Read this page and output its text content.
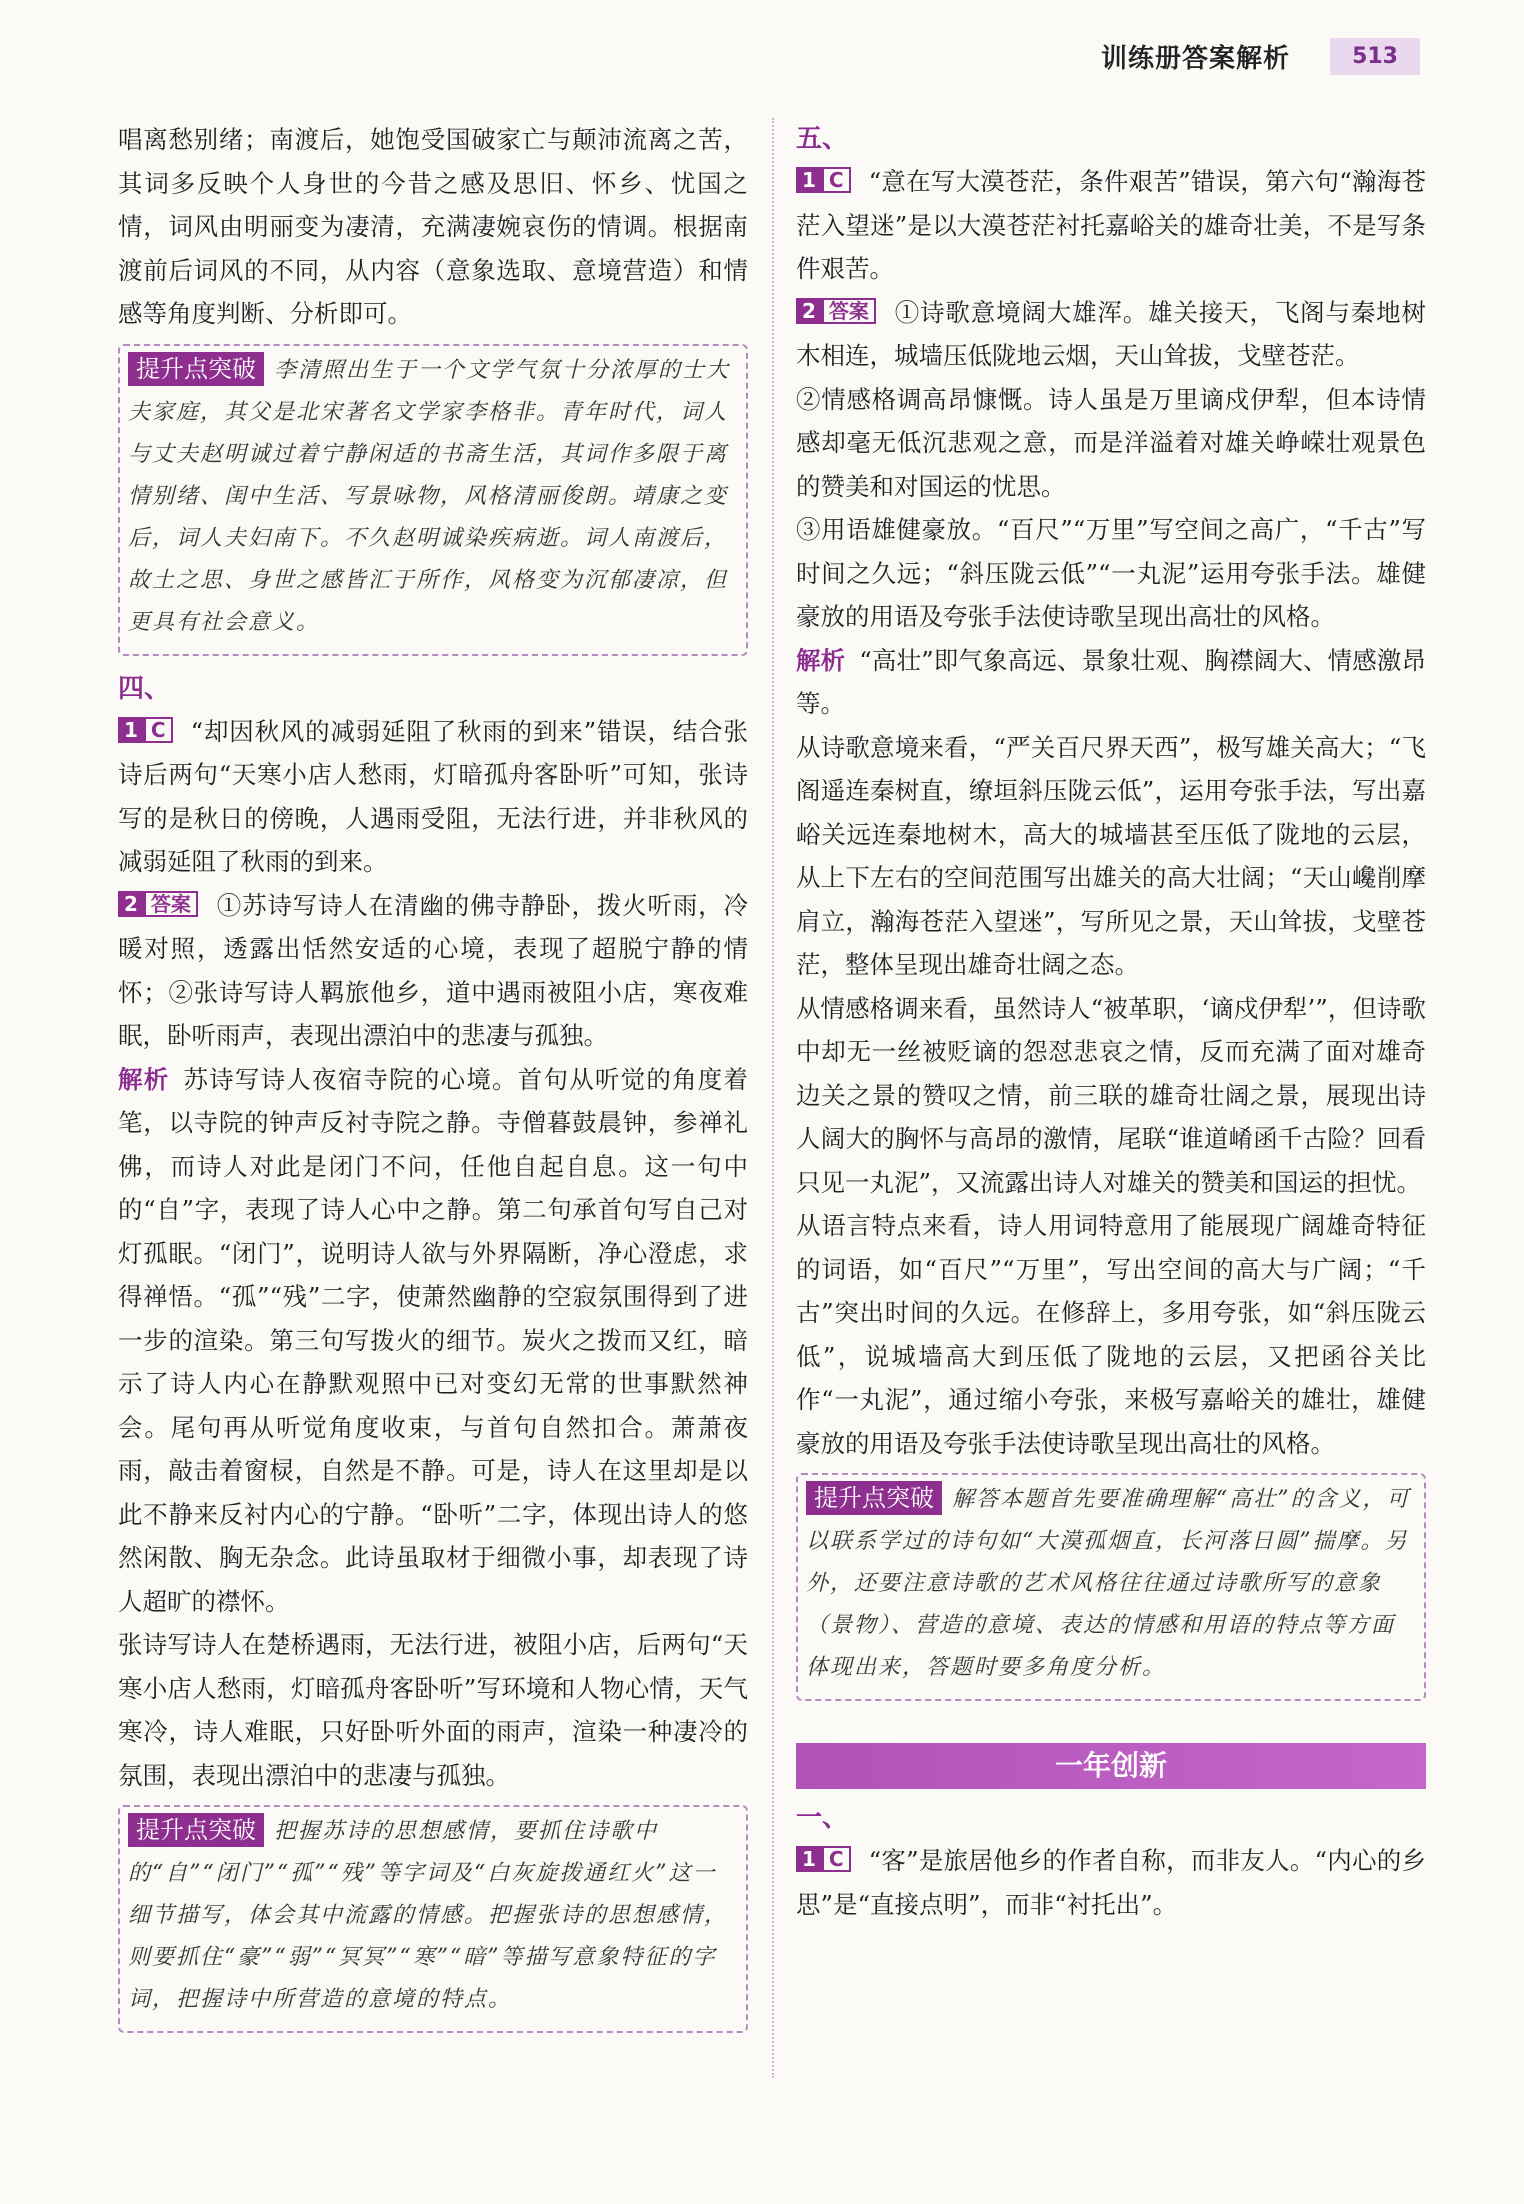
训练册答案解析	513

唱离愁别绪；南渡后，她饱受国破家亡与颠沛流离之苦，其词多反映个人身世的今昔之感及思旧、怀乡、忧国之情，词风由明丽变为凄清，充满凄婉哀伤的情调。根据南渡前后词风的不同，从内容（意象选取、意境营造）和情感等角度判断、分析即可。

提升点突破 李清照出生于一个文学气氛十分浓厚的士大夫家庭，其父是北宋著名文学家李格非。青年时代，词人与丈夫赵明诚过着宁静闲适的书斋生活，其词作多限于离情别绪、闺中生活、写景咏物，风格清丽俊朗。靖康之变后，词人夫妇南下。不久赵明诚染疾病逝。词人南渡后，故土之思、身世之感皆汇于所作，风格变为沉郁凄凉，但更具有社会意义。
四、

1 C “却因秋风的减弱延阻了秋雨的到来”错误，结合张诗后两句“天寒小店人愁雨，灯暗孤舟客卧听”可知，张诗写的是秋日的傍晚，人遇雨受阻，无法行进，并非秋风的减弱延阻了秋雨的到来。

2 答案 ①苏诗写诗人在清幽的佛寺静卧，拨火听雨，冷暖对照，透露出恬然安适的心境，表现了超脱宁静的情怀；②张诗写诗人羁旅他乡，道中遇雨被阻小店，寒夜难眠，卧听雨声，表现出漂泊中的悲凄与孤独。

解析 苏诗写诗人夜宿寺院的心境。首句从听觉的角度着笔，以寺院的钟声反衬寺院之静。寺僧暮鼓晨钟，参禅礼佛，而诗人对此是闭门不问，任他自起自息。这一句中的“自”字，表现了诗人心中之静。第二句承首句写自己对灯孤眠。“闭门”，说明诗人欲与外界隔断，净心澄虑，求得禅悟。“孤”“残”二字，使萧然幽静的空寂氛围得到了进一步的渲染。第三句写拨火的细节。炭火之拨而又红，暗示了诗人内心在静默观照中已对变幻无常的世事默然神会。尾句再从听觉角度收束，与首句自然扣合。萧萧夜雨，敲击着窗棂，自然是不静。可是，诗人在这里却是以此不静来反衬内心的宁静。“卧听”二字，体现出诗人的悠然闲散、胸无杂念。此诗虽取材于细微小事，却表现了诗人超旷的襟怀。

张诗写诗人在楚桥遇雨，无法行进，被阻小店，后两句“天寒小店人愁雨，灯暗孤舟客卧听”写环境和人物心情，天气寒冷，诗人难眠，只好卧听外面的雨声，渲染一种凄冷的氛围，表现出漂泊中的悲凄与孤独。

提升点突破 把握苏诗的思想感情，要抓住诗歌中的“自”“闭门”“孤”“残”等字词及“白灰旋拨通红火”这一细节描写，体会其中流露的情感。把握张诗的思想感情，则要抓住“豪”“弱”“冥冥”“寒”“暗”等描写意象特征的字词，把握诗中所营造的意境的特点。
五、

1 C “意在写大漠苍茫，条件艰苦”错误，第六句“瀚海苍茫入望迷”是以大漠苍茫衬托嘉峪关的雄奇壮美，不是写条件艰苦。

2 答案 ①诗歌意境阔大雄浑。雄关接天，飞阁与秦地树木相连，城墙压低陇地云烟，天山耸拔，戈壁苍茫。

②情感格调高昂慷慨。诗人虽是万里谪戍伊犁，但本诗情感却毫无低沉悲观之意，而是洋溢着对雄关峥嵘壮观景色的赞美和对国运的忧思。

③用语雄健豪放。“百尺”“万里”写空间之高广，“千古”写时间之久远；“斜压陇云低”“一丸泥”运用夸张手法。雄健豪放的用语及夸张手法使诗歌呈现出高壮的风格。

解析 “高壮”即气象高远、景象壮观、胸襟阔大、情感激昂等。

从诗歌意境来看，“严关百尺界天西”，极写雄关高大；“飞阁遥连秦树直，缭垣斜压陇云低”，运用夸张手法，写出嘉峪关远连秦地树木，高大的城墙甚至压低了陇地的云层，从上下左右的空间范围写出雄关的高大壮阔；“天山巉削摩肩立，瀚海苍茫入望迷”，写所见之景，天山耸拔，戈壁苍茫，整体呈现出雄奇壮阔之态。

从情感格调来看，虽然诗人“被革职，‘谪戍伊犁’”，但诗歌中却无一丝被贬谪的怨怼悲哀之情，反而充满了面对雄奇边关之景的赞叹之情，前三联的雄奇壮阔之景，展现出诗人阔大的胸怀与高昂的激情，尾联“谁道崤函千古险？回看只见一丸泥”，又流露出诗人对雄关的赞美和国运的担忧。

从语言特点来看，诗人用词特意用了能展现广阔雄奇特征的词语，如“百尺”“万里”，写出空间的高大与广阔；“千古”突出时间的久远。在修辞上，多用夸张，如“斜压陇云低”，说城墙高大到压低了陇地的云层，又把函谷关比作“一丸泥”，通过缩小夸张，来极写嘉峪关的雄壮，雄健豪放的用语及夸张手法使诗歌呈现出高壮的风格。

提升点突破 解答本题首先要准确理解“高壮”的含义，可以联系学过的诗句如“大漠孤烟直，长河落日圆”揣摩。另外，还要注意诗歌的艺术风格往往通过诗歌所写的意象（景物）、营造的意境、表达的情感和用语的特点等方面体现出来，答题时要多角度分析。
一年创新
一、

1 C “客”是旅居他乡的作者自称，而非友人。“内心的乡思”是“直接点明”，而非“衬托出”。
